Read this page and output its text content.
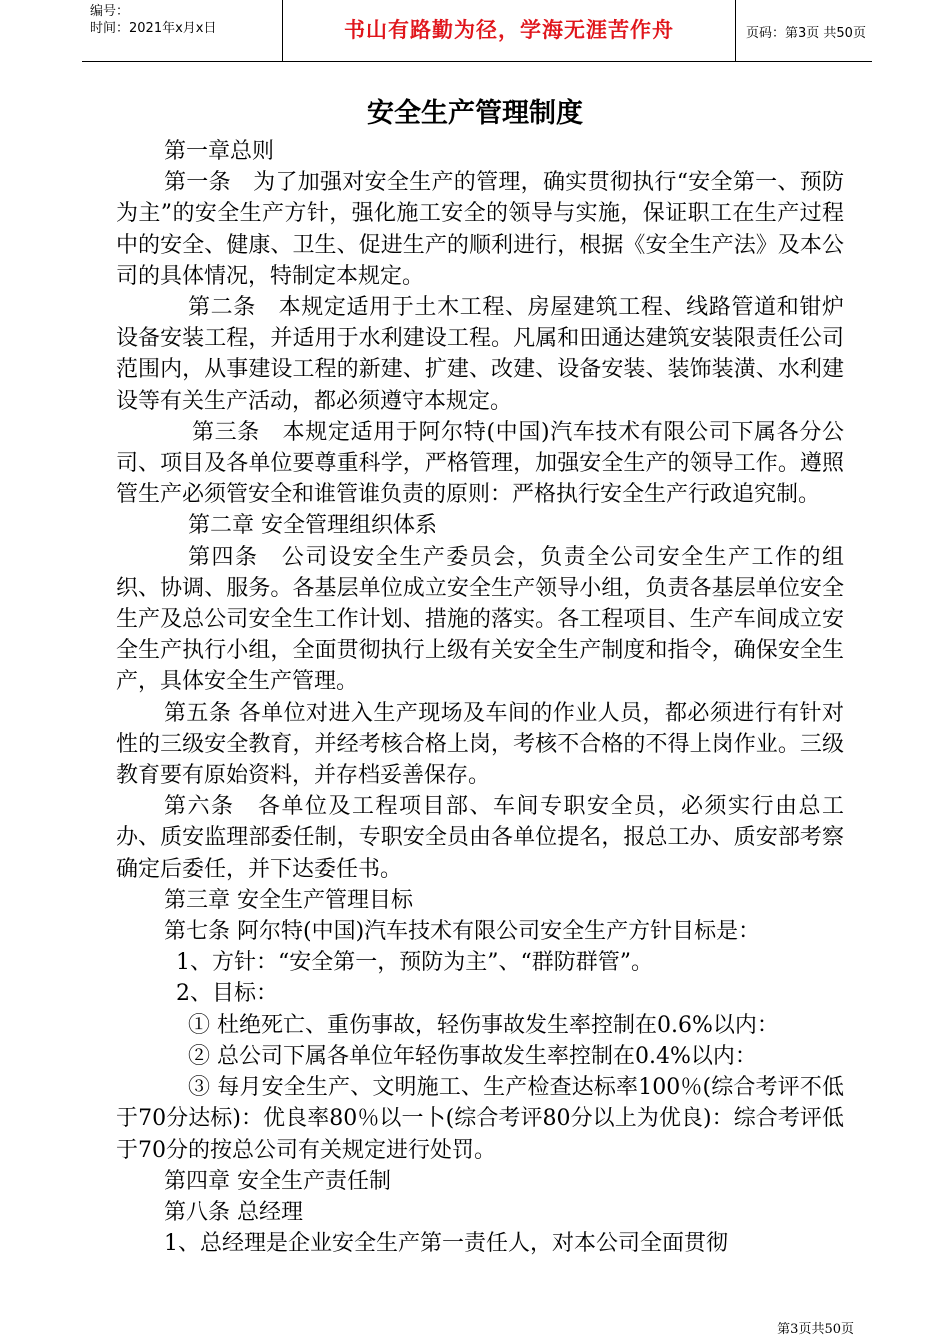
编号：
时间：2021年x月x日	书山有路勤为径，学海无涯苦作舟	页码：第3页 共50页
安全生产管理制度

第一章总则

第一条　为了加强对安全生产的管理，确实贯彻执行“安全第一、预防为主”的安全生产方针，强化施工安全的领导与实施，保证职工在生产过程中的安全、健康、卫生、促进生产的顺利进行，根据《安全生产法》及本公司的具体情况，特制定本规定。

第二条　本规定适用于土木工程、房屋建筑工程、线路管道和钳炉设备安装工程，并适用于水利建设工程。凡属和田通达建筑安装限责任公司范围内，从事建设工程的新建、扩建、改建、设备安装、装饰装潢、水利建设等有关生产活动，都必须遵守本规定。

第三条　本规定适用于阿尔特(中国)汽车技术有限公司下属各分公司、项目及各单位要尊重科学，严格管理，加强安全生产的领导工作。遵照管生产必须管安全和谁管谁负责的原则：严格执行安全生产行政追究制。

第二章 安全管理组织体系

第四条　公司设安全生产委员会，负责全公司安全生产工作的组织、协调、服务。各基层单位成立安全生产领导小组，负责各基层单位安全生产及总公司安全生工作计划、措施的落实。各工程项目、生产车间成立安全生产执行小组，全面贯彻执行上级有关安全生产制度和指令，确保安全生产，具体安全生产管理。

第五条 各单位对进入生产现场及车间的作业人员，都必须进行有针对性的三级安全教育，并经考核合格上岗，考核不合格的不得上岗作业。三级教育要有原始资料，并存档妥善保存。

第六条　各单位及工程项目部、车间专职安全员，必须实行由总工办、质安监理部委任制，专职安全员由各单位提名，报总工办、质安部考察确定后委任，并下达委任书。

第三章 安全生产管理目标

第七条 阿尔特(中国)汽车技术有限公司安全生产方针目标是：

1、方针：“安全第一，预防为主”、“群防群管”。

2、目标：

① 杜绝死亡、重伤事故，轻伤事故发生率控制在0.6%以内：

② 总公司下属各单位年轻伤事故发生率控制在0.4%以内：

③ 每月安全生产、文明施工、生产检查达标率100％(综合考评不低于70分达标)：优良率80％以一卜(综合考评80分以上为优良)：综合考评低于70分的按总公司有关规定进行处罚。

第四章 安全生产责任制

第八条 总经理

1、总经理是企业安全生产第一责任人，对本公司全面贯彻

第3页共50页
